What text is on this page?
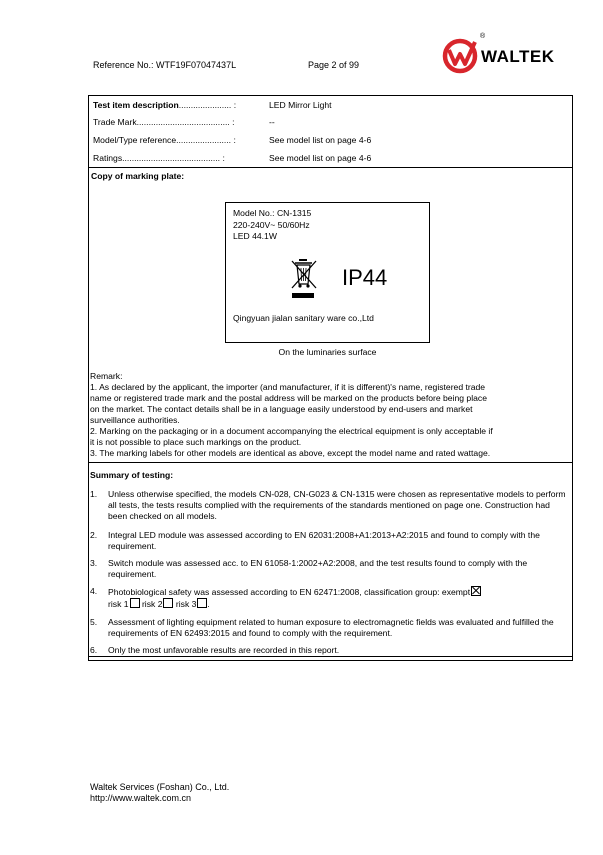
Reference No.: WTF19F07047437L	Page 2 of 99
®
WALTEK
Test item description...................... :	LED Mirror Light
Trade Mark....................................... :	--
Model/Type reference....................... :	See model list on page 4-6
Ratings......................................... :	See model list on page 4-6
Copy of marking plate:
Model No.: CN-1315
220-240V~ 50/60Hz
LED 44.1W
IP44
Qingyuan jialan sanitary ware co.,Ltd
On the luminaries surface
Remark:
1. As declared by the applicant, the importer (and manufacturer, if it is different)'s name, registered trade
name or registered trade mark and the postal address will be marked on the products before being place
on the market. The contact details shall be in a language easily understood by end-users and market
surveillance authorities.
2. Marking on the packaging or in a document accompanying the electrical equipment is only acceptable if
it is not possible to place such markings on the product.
3. The marking labels for other models are identical as above, except the model name and rated wattage.
Summary of testing:
1. Unless otherwise specified, the models CN-028, CN-G023 & CN-1315 were chosen as representative models to perform all tests, the tests results complied with the requirements of the standards mentioned on page one. Construction had been checked on all models.
2. Integral LED module was assessed according to EN 62031:2008+A1:2013+A2:2015 and found to comply with the requirement.
3. Switch module was assessed acc. to EN 61058-1:2002+A2:2008, and the test results found to comply with the requirement.
4. Photobiological safety was assessed according to EN 62471:2008, classification group: exempt
risk 1 risk 2 risk 3 .
5. Assessment of lighting equipment related to human exposure to electromagnetic fields was evaluated and fulfilled the requirements of EN 62493:2015 and found to comply with the requirement.
6. Only the most unfavorable results are recorded in this report.
Waltek Services (Foshan) Co., Ltd.
http://www.waltek.com.cn
